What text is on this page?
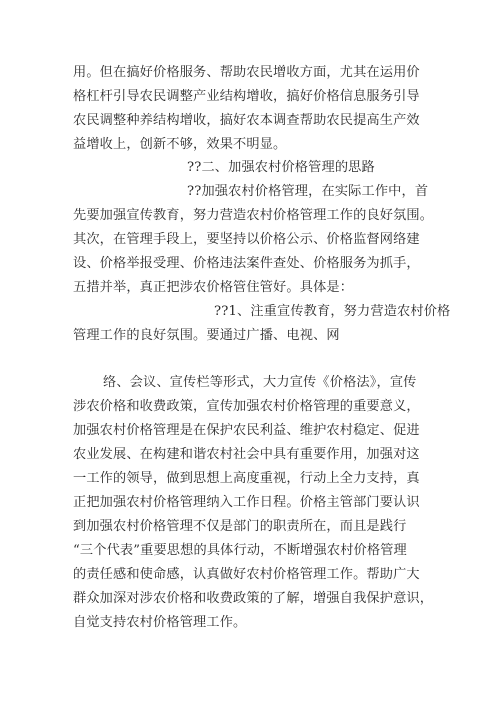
用。但在搞好价格服务、帮助农民增收方面，尤其在运用价
格杠杆引导农民调整产业结构增收，搞好价格信息服务引导
农民调整种养结构增收，搞好农本调查帮助农民提高生产效
益增收上，创新不够，效果不明显。
??二、加强农村价格管理的思路
??加强农村价格管理，在实际工作中，首
先要加强宣传教育，努力营造农村价格管理工作的良好氛围。
其次，在管理手段上，要坚持以价格公示、价格监督网络建
设、价格举报受理、价格违法案件查处、价格服务为抓手，
五措并举，真正把涉农价格管住管好。具体是：
??1、注重宣传教育，努力营造农村价格
管理工作的良好氛围。要通过广播、电视、网
络、会议、宣传栏等形式，大力宣传《价格法》，宣传
涉农价格和收费政策，宣传加强农村价格管理的重要意义，
加强农村价格管理是在保护农民利益、维护农村稳定、促进
农业发展、在构建和谐农村社会中具有重要作用，加强对这
一工作的领导，做到思想上高度重视，行动上全力支持，真
正把加强农村价格管理纳入工作日程。价格主管部门要认识
到加强农村价格管理不仅是部门的职责所在，而且是践行
“三个代表”重要思想的具体行动，不断增强农村价格管理
的责任感和使命感，认真做好农村价格管理工作。帮助广大
群众加深对涉农价格和收费政策的了解，增强自我保护意识，
自觉支持农村价格管理工作。
